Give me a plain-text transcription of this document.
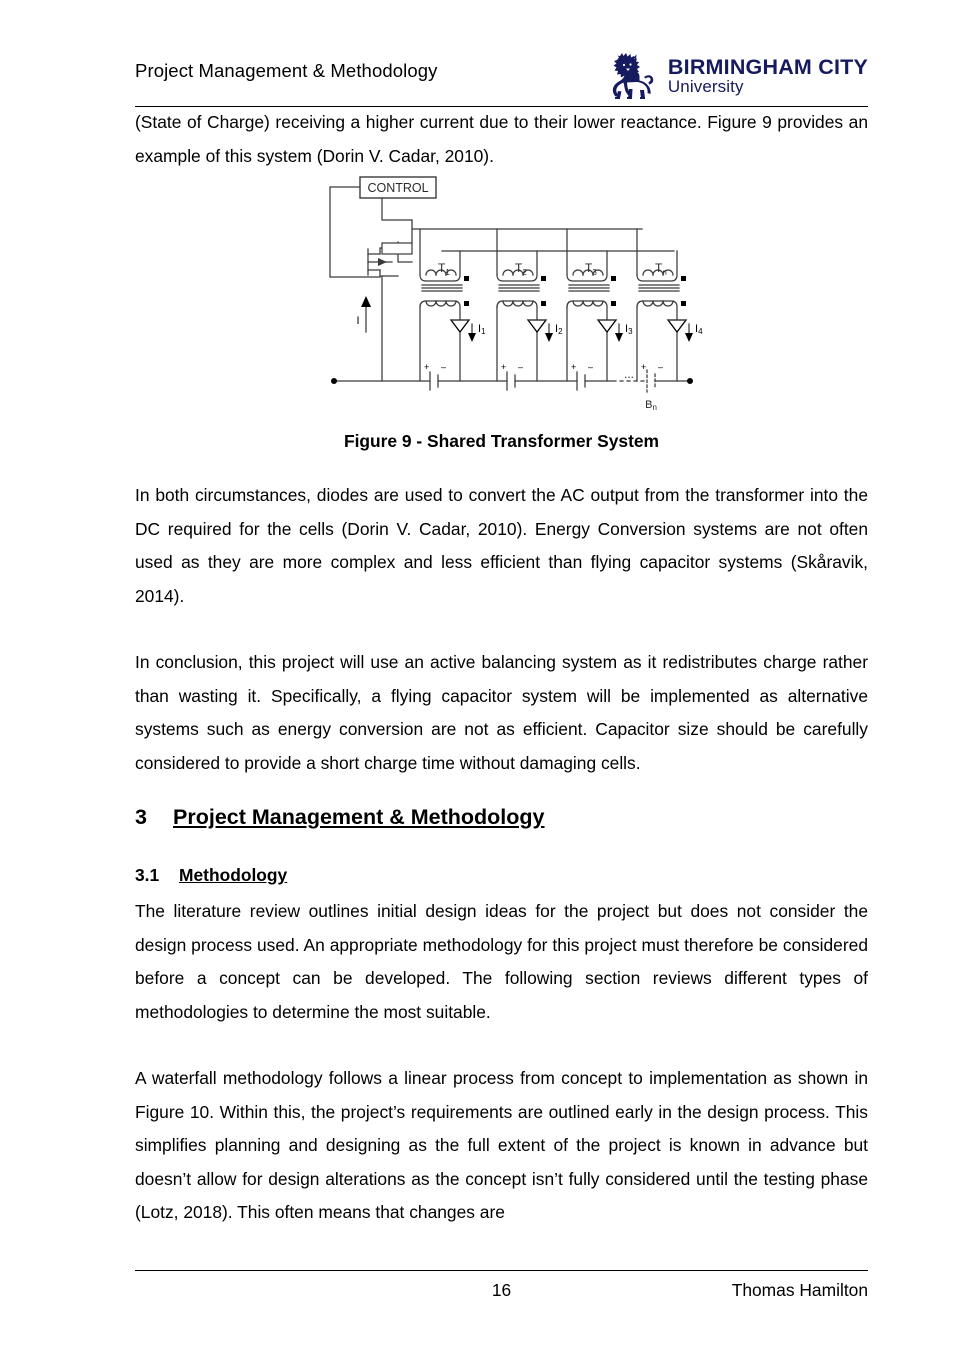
Project Management & Methodology	BIRMINGHAM CITY
University

(State of Charge) receiving a higher current due to their lower reactance. Figure 9 provides an example of this system (Dorin V. Cadar, 2010).

CONTROL
I
$T_1$	$T_2$	$T_3$	$T_n$
I1	I2	I3	I4
+ –	+ –	+ –	+ –
...
Bn
Figure 9 - Shared Transformer System

In both circumstances, diodes are used to convert the AC output from the transformer into the DC required for the cells (Dorin V. Cadar, 2010). Energy Conversion systems are not often used as they are more complex and less efficient than flying capacitor systems (Skåravik, 2014).

In conclusion, this project will use an active balancing system as it redistributes charge rather than wasting it. Specifically, a flying capacitor system will be implemented as alternative systems such as energy conversion are not as efficient. Capacitor size should be carefully considered to provide a short charge time without damaging cells.

3 Project Management & Methodology
3.1 Methodology

The literature review outlines initial design ideas for the project but does not consider the design process used. An appropriate methodology for this project must therefore be considered before a concept can be developed. The following section reviews different types of methodologies to determine the most suitable.

A waterfall methodology follows a linear process from concept to implementation as shown in Figure 10. Within this, the project’s requirements are outlined early in the design process. This simplifies planning and designing as the full extent of the project is known in advance but doesn’t allow for design alterations as the concept isn’t fully considered until the testing phase (Lotz, 2018). This often means that changes are

16	Thomas Hamilton
